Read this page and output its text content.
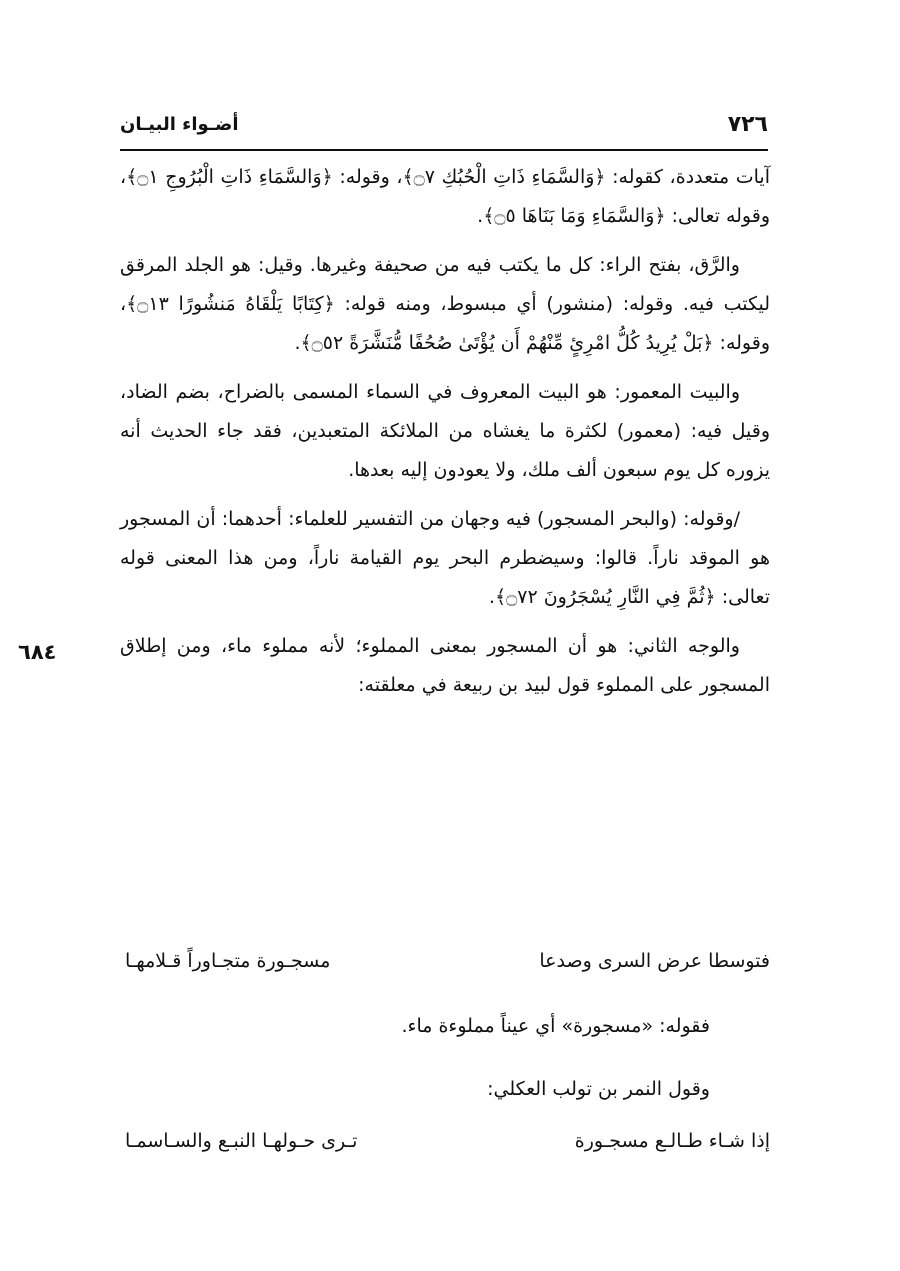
٧٢٦
أضـواء البيـان
٦٨٤

آيات متعددة، كقوله: ﴿وَالسَّمَاءِ ذَاتِ الْحُبُكِ ۝٧﴾، وقوله: ﴿وَالسَّمَاءِ ذَاتِ الْبُرُوجِ ۝١﴾، وقوله تعالى: ﴿وَالسَّمَاءِ وَمَا بَنَاهَا ۝٥﴾.

والرَّق، بفتح الراء: كل ما يكتب فيه من صحيفة وغيرها. وقيل: هو الجلد المرقق ليكتب فيه. وقوله: (منشور) أي مبسوط، ومنه قوله: ﴿كِتَابًا يَلْقَاهُ مَنشُورًا ۝١٣﴾، وقوله: ﴿بَلْ يُرِيدُ كُلُّ امْرِئٍ مِّنْهُمْ أَن يُؤْتَىٰ صُحُفًا مُّنَشَّرَةً ۝٥٢﴾.

والبيت المعمور: هو البيت المعروف في السماء المسمى بالضراح، بضم الضاد، وقيل فيه: (معمور) لكثرة ما يغشاه من الملائكة المتعبدين، فقد جاء الحديث أنه يزوره كل يوم سبعون ألف ملك، ولا يعودون إليه بعدها.

/وقوله: (والبحر المسجور) فيه وجهان من التفسير للعلماء: أحدهما: أن المسجور هو الموقد ناراً. قالوا: وسيضطرم البحر يوم القيامة ناراً، ومن هذا المعنى قوله تعالى: ﴿ثُمَّ فِي النَّارِ يُسْجَرُونَ ۝٧٢﴾.

والوجه الثاني: هو أن المسجور بمعنى المملوء؛ لأنه مملوء ماء، ومن إطلاق المسجور على المملوء قول لبيد بن ربيعة في معلقته:

فتوسطا عرض السرى وصدعا
مسجـورة متجـاوراً قـلامهـا
فقوله: «مسجورة» أي عيناً مملوءة ماء.
وقول النمر بن تولب العكلي:
إذا شـاء طـالـع مسجـورة
تـرى حـولهـا النبـع والسـاسمـا
